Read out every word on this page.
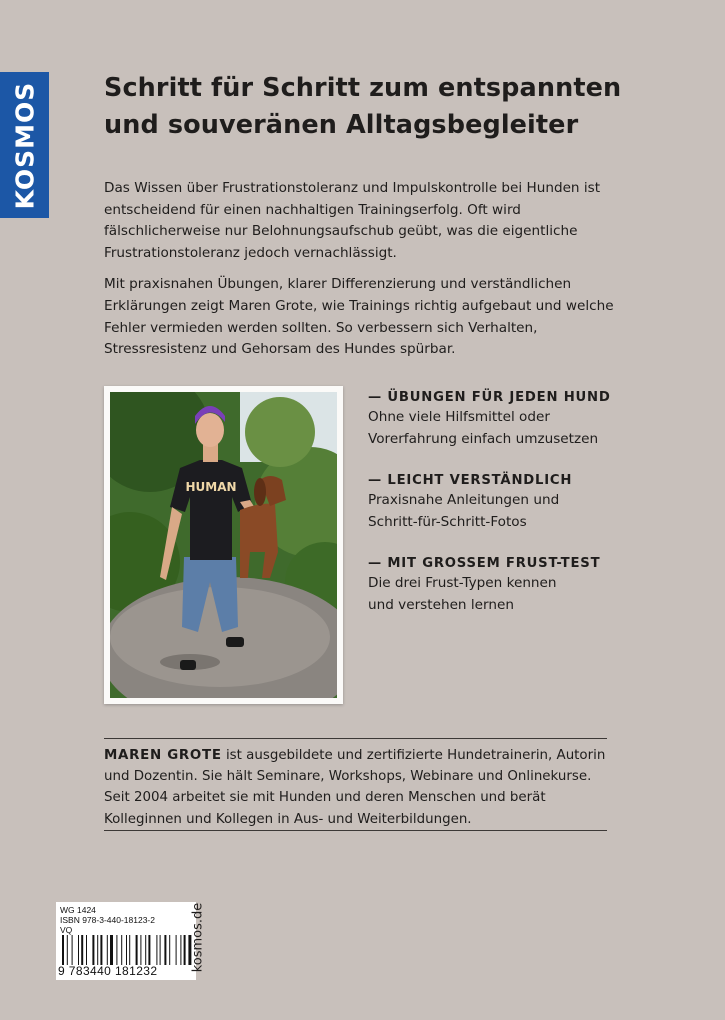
KOSMOS	Schritt für Schritt zum entspannten
und souveränen Alltagsbegleiter

Das Wissen über Frustrationstoleranz und Impulskontrolle bei Hunden ist entscheidend für einen nachhaltigen Trainingserfolg. Oft wird fälschlicherweise nur Belohnungsaufschub geübt, was die eigentliche Frustrationstoleranz jedoch vernachlässigt.

Mit praxisnahen Übungen, klarer Differenzierung und verständlichen Erklärungen zeigt Maren Grote, wie Trainings richtig aufgebaut und welche Fehler vermieden werden sollten. So verbessern sich Verhalten, Stressresistenz und Gehorsam des Hundes spürbar.

HUMAN
— ÜBUNGEN FÜR JEDEN HUND
Ohne viele Hilfsmittel oder
Vorerfahrung einfach umzusetzen
— LEICHT VERSTÄNDLICH
Praxisnahe Anleitungen und
Schritt-für-Schritt-Fotos
— MIT GROSSEM FRUST-TEST
Die drei Frust-Typen kennen
und verstehen lernen
MAREN GROTE ist ausgebildete und zertifizierte Hundetrainerin, Autorin und Dozentin. Sie hält Seminare, Workshops, Webinare und Onlinekurse. Seit 2004 arbeitet sie mit Hunden und deren Menschen und berät Kolleginnen und Kollegen in Aus- und Weiterbildungen.
WG 1424
ISBN 978-3-440-18123-2
VQ
9 783440 181232	kosmos.de
